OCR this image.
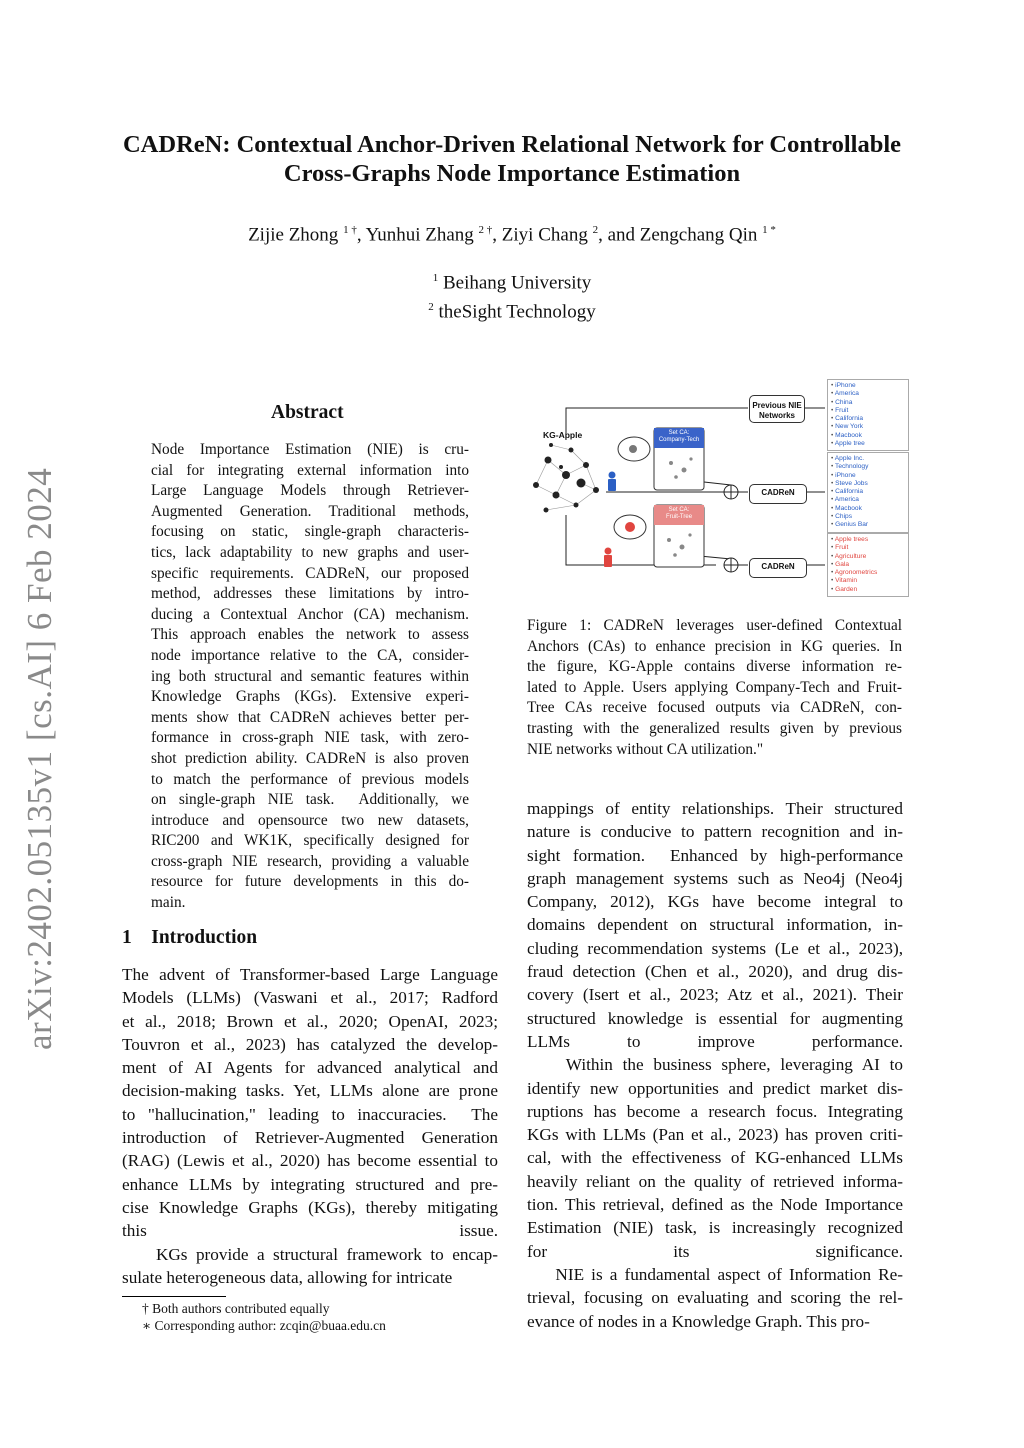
arXiv:2402.05135v1 [cs.AI] 6 Feb 2024
CADReN: Contextual Anchor-Driven Relational Network for Controllable
Cross-Graphs Node Importance Estimation
Zijie Zhong $^{1 \dagger}$, Yunhui Zhang $^{2 \dagger}$, Ziyi Chang $^2$, and Zengchang Qin $^{1 *}$
$^1$ Beihang University
$^2$ theSight Technology
Abstract
Node Importance Estimation (NIE) is cru-
cial for integrating external information into
Large Language Models through Retriever-
Augmented Generation. Traditional methods,
focusing on static, single-graph characteris-
tics, lack adaptability to new graphs and user-
specific requirements. CADReN, our proposed
method, addresses these limitations by intro-
ducing a Contextual Anchor (CA) mechanism.
This approach enables the network to assess
node importance relative to the CA, consider-
ing both structural and semantic features within
Knowledge Graphs (KGs). Extensive experi-
ments show that CADReN achieves better per-
formance in cross-graph NIE task, with zero-
shot prediction ability. CADReN is also proven
to match the performance of previous models
on single-graph NIE task.  Additionally, we
introduce and opensource two new datasets,
RIC200 and WK1K, specifically designed for
cross-graph NIE research, providing a valuable
resource for future developments in this do-
main.
1    Introduction
The advent of Transformer-based Large Language
Models (LLMs) (Vaswani et al., 2017; Radford
et al., 2018; Brown et al., 2020; OpenAI, 2023;
Touvron et al., 2023) has catalyzed the develop-
ment of AI Agents for advanced analytical and
decision-making tasks. Yet, LLMs alone are prone
to "hallucination," leading to inaccuracies.  The
introduction of Retriever-Augmented Generation
(RAG) (Lewis et al., 2020) has become essential to
enhance LLMs by integrating structured and pre-
cise Knowledge Graphs (KGs), thereby mitigating
this issue.
KGs provide a structural framework to encap-
sulate heterogeneous data, allowing for intricate
† Both authors contributed equally
∗ Corresponding author: zcqin@buaa.edu.cn
KG-Apple	Set CA:
Company-Tech
Set CA:
Fruit-Tree
Previous NIE
Networks
CADReN
CADReN
• iPhone
• America
• China
• Fruit
• California
• New York
• Macbook
• Apple tree
• Apple Inc.
• Technology
• iPhone
• Steve Jobs
• California
• America
• Macbook
• Chips
• Genius Bar
• Apple trees
• Fruit
• Agriculture
• Gala
• Agronometrics
• Vitamin
• Garden
Figure 1: CADReN leverages user-defined Contextual
Anchors (CAs) to enhance precision in KG queries. In
the figure, KG-Apple contains diverse information re-
lated to Apple. Users applying Company-Tech and Fruit-
Tree CAs receive focused outputs via CADReN, con-
trasting with the generalized results given by previous
NIE networks without CA utilization."
mappings of entity relationships. Their structured
nature is conducive to pattern recognition and in-
sight formation.  Enhanced by high-performance
graph management systems such as Neo4j (Neo4j
Company, 2012), KGs have become integral to
domains dependent on structural information, in-
cluding recommendation systems (Le et al., 2023),
fraud detection (Chen et al., 2020), and drug dis-
covery (Isert et al., 2023; Atz et al., 2021). Their
structured knowledge is essential for augmenting
LLMs to improve performance.
Within the business sphere, leveraging AI to
identify new opportunities and predict market dis-
ruptions has become a research focus. Integrating
KGs with LLMs (Pan et al., 2023) has proven criti-
cal, with the effectiveness of KG-enhanced LLMs
heavily reliant on the quality of retrieved informa-
tion. This retrieval, defined as the Node Importance
Estimation (NIE) task, is increasingly recognized
for its significance.
NIE is a fundamental aspect of Information Re-
trieval, focusing on evaluating and scoring the rel-
evance of nodes in a Knowledge Graph. This pro-
